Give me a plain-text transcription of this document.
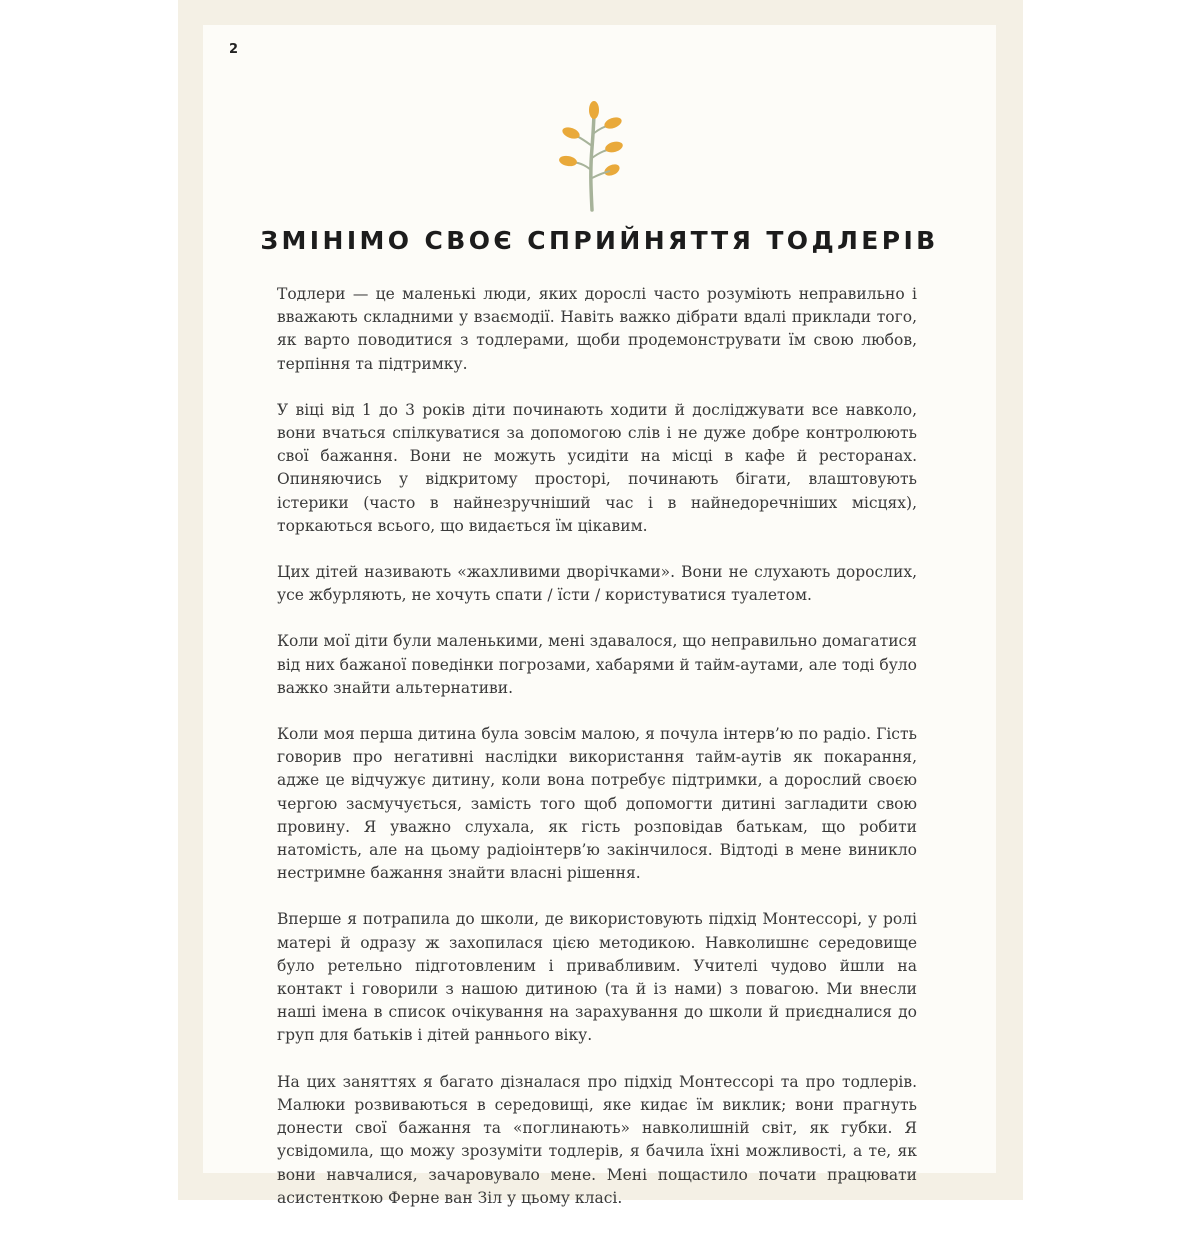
2
ЗМІНІМО СВОЄ СПРИЙНЯТТЯ ТОДЛЕРІВ

Тодлери — це маленькі люди, яких дорослі часто розуміють неправильно і вважають складними у взаємодії. Навіть важко дібрати вдалі приклади того, як варто поводитися з тодлерами, щоби продемонструвати їм свою любов, терпіння та підтримку.

У віці від 1 до 3 років діти починають ходити й досліджувати все навколо, вони вчаться спілкуватися за допомогою слів і не дуже добре контролюють свої бажання. Вони не можуть усидіти на місці в кафе й ресторанах. Опиняючись у відкритому просторі, починають бігати, влаштовують істерики (часто в найнезручніший час і в найнедоречніших місцях), торкаються всього, що видається їм цікавим.

Цих дітей називають «жахливими дворічками». Вони не слухають дорослих, усе жбурляють, не хочуть спати / їсти / користуватися туалетом.

Коли мої діти були маленькими, мені здавалося, що неправильно домагатися від них бажаної поведінки погрозами, хабарями й тайм-аутами, але тоді було важко знайти альтернативи.

Коли моя перша дитина була зовсім малою, я почула інтерв’ю по радіо. Гість говорив про негативні наслідки використання тайм-аутів як покарання, адже це відчужує дитину, коли вона потребує підтримки, а дорослий своєю чергою засмучується, замість того щоб допомогти дитині загладити свою провину. Я уважно слухала, як гість розповідав батькам, що робити натомість, але на цьому радіоінтерв’ю закінчилося. Відтоді в мене виникло нестримне бажання знайти власні рішення.

Вперше я потрапила до школи, де використовують підхід Монтессорі, у ролі матері й одразу ж захопилася цією методикою. Навколишнє середовище було ретельно підготовленим і привабливим. Учителі чудово йшли на контакт і говорили з нашою дитиною (та й із нами) з повагою. Ми внесли наші імена в список очікування на зарахування до школи й приєдналися до груп для батьків і дітей раннього віку.

На цих заняттях я багато дізналася про підхід Монтессорі та про тодлерів. Малюки розвиваються в середовищі, яке кидає їм виклик; вони прагнуть донести свої бажання та «поглинають» навколишній світ, як губки. Я усвідомила, що можу зрозуміти тодлерів, я бачила їхні можливості, а те, як вони навчалися, зачаровувало мене. Мені пощастило почати працювати асистенткою Ферне ван Зіл у цьому класі.
